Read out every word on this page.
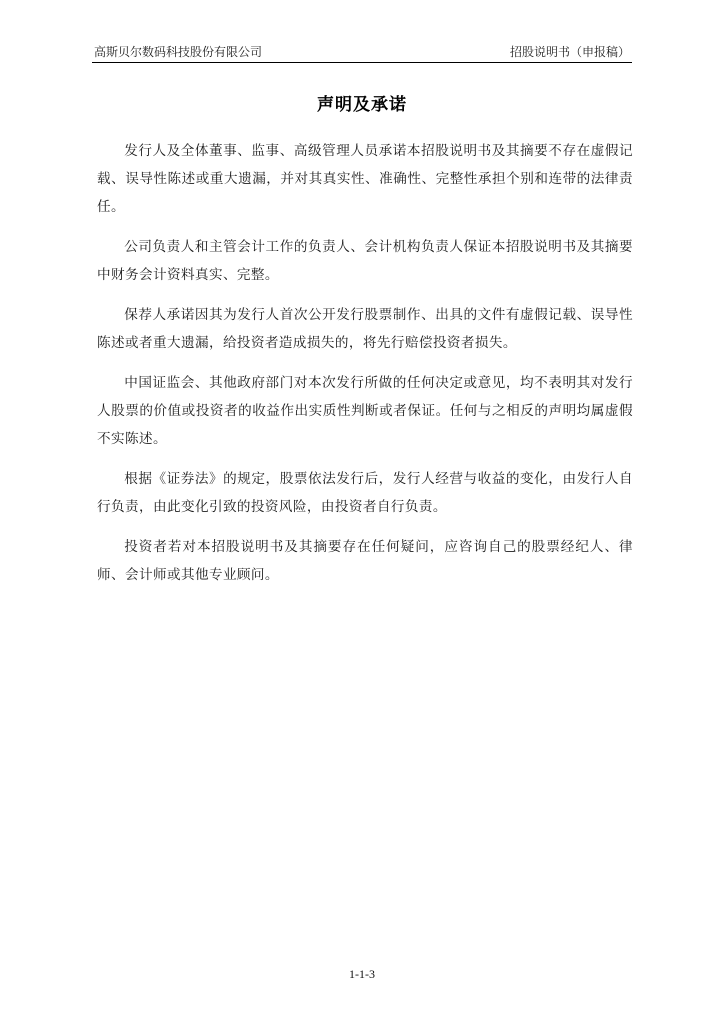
高斯贝尔数码科技股份有限公司	招股说明书（申报稿）
声明及承诺

发行人及全体董事、监事、高级管理人员承诺本招股说明书及其摘要不存在虚假记载、误导性陈述或重大遗漏，并对其真实性、准确性、完整性承担个别和连带的法律责任。

公司负责人和主管会计工作的负责人、会计机构负责人保证本招股说明书及其摘要中财务会计资料真实、完整。

保荐人承诺因其为发行人首次公开发行股票制作、出具的文件有虚假记载、误导性陈述或者重大遗漏，给投资者造成损失的，将先行赔偿投资者损失。

中国证监会、其他政府部门对本次发行所做的任何决定或意见，均不表明其对发行人股票的价值或投资者的收益作出实质性判断或者保证。任何与之相反的声明均属虚假不实陈述。

根据《证券法》的规定，股票依法发行后，发行人经营与收益的变化，由发行人自行负责，由此变化引致的投资风险，由投资者自行负责。

投资者若对本招股说明书及其摘要存在任何疑问，应咨询自己的股票经纪人、律师、会计师或其他专业顾问。

1-1-3
